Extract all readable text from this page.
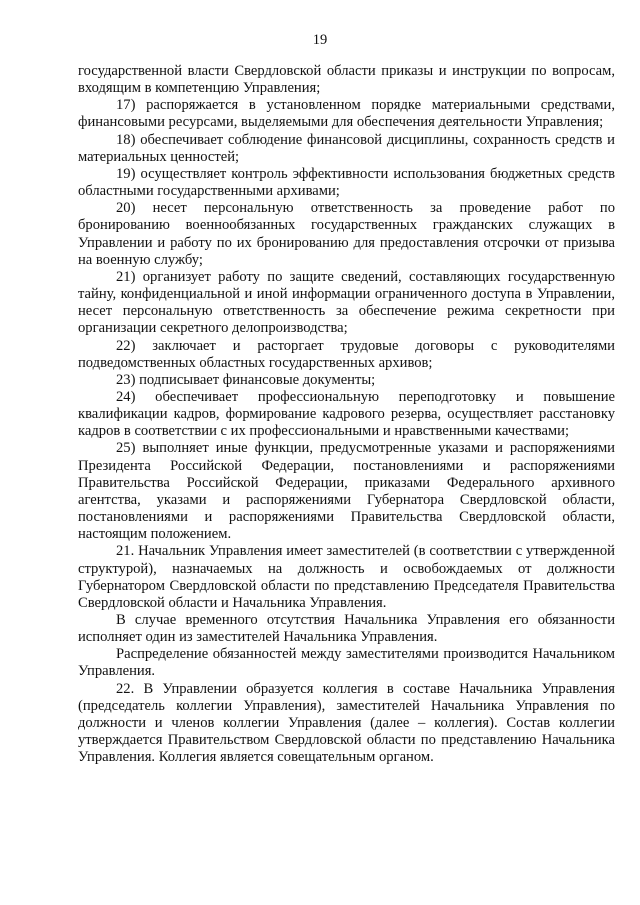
19

государственной власти Свердловской области приказы и инструкции по вопросам, входящим в компетенцию Управления;

17) распоряжается в установленном порядке материальными средствами, финансовыми ресурсами, выделяемыми для обеспечения деятельности Управления;

18) обеспечивает соблюдение финансовой дисциплины, сохранность средств и материальных ценностей;

19) осуществляет контроль эффективности использования бюджетных средств областными государственными архивами;

20) несет персональную ответственность за проведение работ по бронированию военнообязанных государственных гражданских служащих в Управлении и работу по их бронированию для предоставления отсрочки от призыва на военную службу;

21) организует работу по защите сведений, составляющих государственную тайну, конфиденциальной и иной информации ограниченного доступа в Управлении, несет персональную ответственность за обеспечение режима секретности при организации секретного делопроизводства;

22) заключает и расторгает трудовые договоры с руководителями подведомственных областных государственных архивов;

23) подписывает финансовые документы;

24) обеспечивает профессиональную переподготовку и повышение квалификации кадров, формирование кадрового резерва, осуществляет расстановку кадров в соответствии с их профессиональными и нравственными качествами;

25) выполняет иные функции, предусмотренные указами и распоряжениями Президента Российской Федерации, постановлениями и распоряжениями Правительства Российской Федерации, приказами Федерального архивного агентства, указами и распоряжениями Губернатора Свердловской области, постановлениями и распоряжениями Правительства Свердловской области, настоящим положением.

21. Начальник Управления имеет заместителей (в соответствии с утвержденной структурой), назначаемых на должность и освобождаемых от должности Губернатором Свердловской области по представлению Председателя Правительства Свердловской области и Начальника Управления.

В случае временного отсутствия Начальника Управления его обязанности исполняет один из заместителей Начальника Управления.

Распределение обязанностей между заместителями производится Начальником Управления.

22. В Управлении образуется коллегия в составе Начальника Управления (председатель коллегии Управления), заместителей Начальника Управления по должности и членов коллегии Управления (далее – коллегия). Состав коллегии утверждается Правительством Свердловской области по представлению Начальника Управления. Коллегия является совещательным органом.
